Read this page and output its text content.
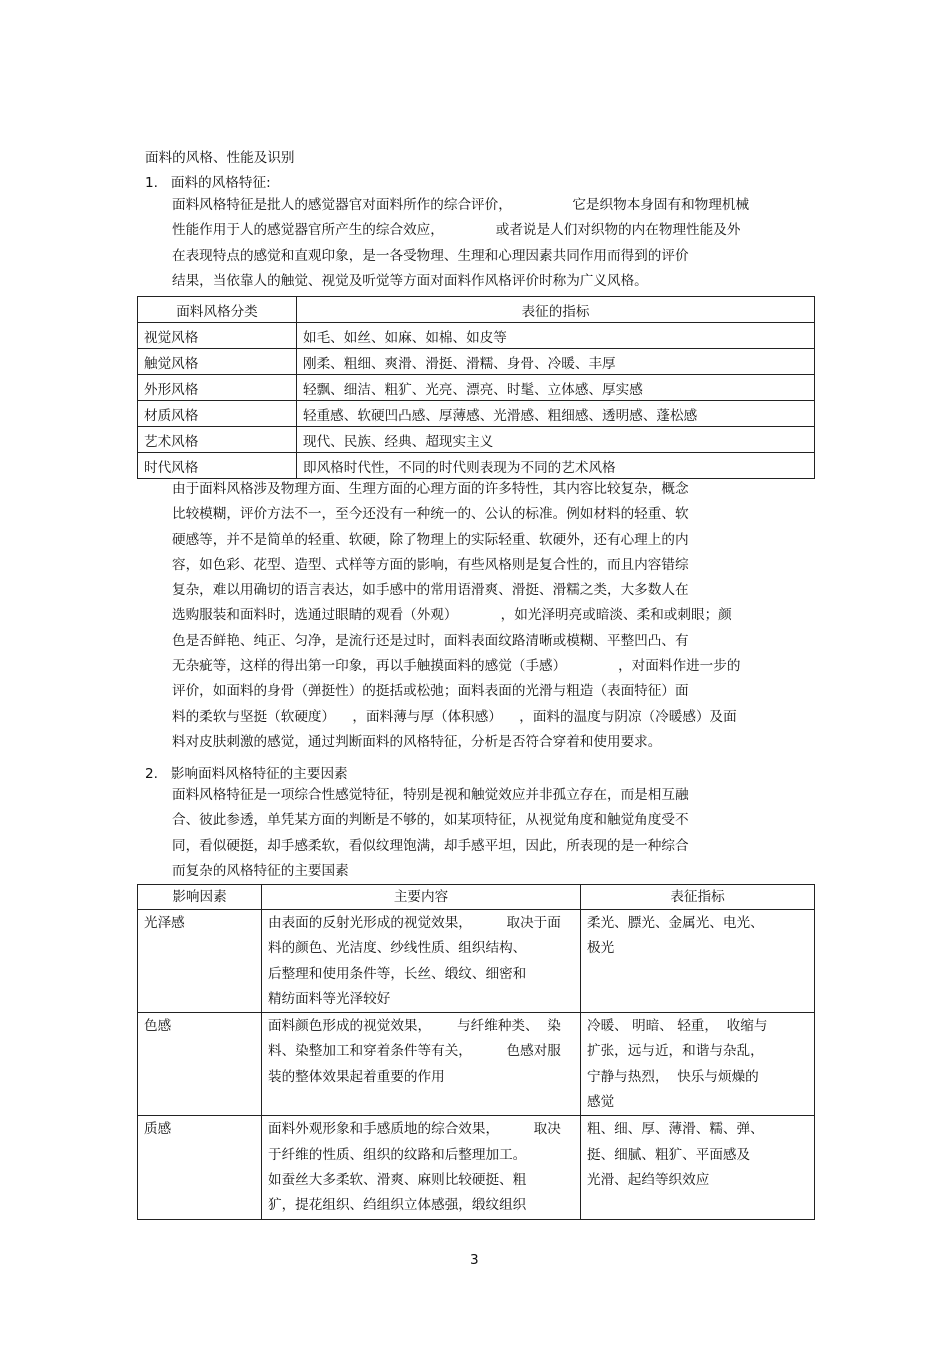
面料的风格、性能及识别
1.   面料的风格特征:
面料风格特征是批人的感觉器官对面料所作的综合评价，              它是织物本身固有和物理机械
性能作用于人的感觉器官所产生的综合效应，            或者说是人们对织物的内在物理性能及外
在表现特点的感觉和直观印象，是一各受物理、生理和心理因素共同作用而得到的评价
结果，当依靠人的触觉、视觉及听觉等方面对面料作风格评价时称为广义风格。
面料风格分类	表征的指标
视觉风格	如毛、如丝、如麻、如棉、如皮等
触觉风格	刚柔、粗细、爽滑、滑挺、滑糯、身骨、冷暖、丰厚
外形风格	轻飘、细洁、粗犷、光亮、漂亮、时髦、立体感、厚实感
材质风格	轻重感、软硬凹凸感、厚薄感、光滑感、粗细感、透明感、蓬松感
艺术风格	现代、民族、经典、超现实主义
时代风格	即风格时代性，不同的时代则表现为不同的艺术风格
由于面料风格涉及物理方面、生理方面的心理方面的许多特性，其内容比较复杂，概念
比较模糊，评价方法不一，至今还没有一种统一的、公认的标准。例如材料的轻重、软
硬感等，并不是简单的轻重、软硬，除了物理上的实际轻重、软硬外，还有心理上的内
容，如色彩、花型、造型、式样等方面的影响，有些风格则是复合性的，而且内容错综
复杂，难以用确切的语言表达，如手感中的常用语滑爽、滑挺、滑糯之类，大多数人在
选购服装和面料时，选通过眼睛的观看（外观）          ，如光泽明亮或暗淡、柔和或刺眼；颜
色是否鲜艳、纯正、匀净，是流行还是过时，面料表面纹路清晰或模糊、平整凹凸、有
无杂疵等，这样的得出第一印象，再以手触摸面料的感觉（手感）            ，对面料作进一步的
评价，如面料的身骨（弹挺性）的挺括或松弛；面料表面的光滑与粗造（表面特征）面
料的柔软与坚挺（软硬度）    ，面料薄与厚（体积感）    ，面料的温度与阴凉（冷暖感）及面
料对皮肤刺激的感觉，通过判断面料的风格特征，分析是否符合穿着和使用要求。
2.   影响面料风格特征的主要因素
面料风格特征是一项综合性感觉特征，特别是视和触觉效应并非孤立存在，而是相互融
合、彼此参透，单凭某方面的判断是不够的，如某项特征，从视觉角度和触觉角度受不
同，看似硬挺，却手感柔软，看似纹理饱满，却手感平坦，因此，所表现的是一种综合
而复杂的风格特征的主要国素
影响因素	主要内容	表征指标
光泽感	由表面的反射光形成的视觉效果，        取决于面
料的颜色、光洁度、纱线性质、组织结构、
后整理和使用条件等，长丝、缎纹、细密和
精纺面料等光泽较好	柔光、膘光、金属光、电光、
极光

色感	面料颜色形成的视觉效果，      与纤维种类、  染
料、染整加工和穿着条件等有关，        色感对服
装的整体效果起着重要的作用	冷暖、 明暗、 轻重，  收缩与
扩张，远与近，和谐与杂乱，
宁静与热烈，  快乐与烦燥的
感觉

质感	面料外观形象和手感质地的综合效果，        取决
于纤维的性质、组织的纹路和后整理加工。
如蚕丝大多柔软、滑爽、麻则比较硬挺、粗
犷，提花组织、绉组织立体感强，缎纹组织	粗、细、厚、薄滑、糯、弹、
挺、细腻、粗犷、平面感及
光滑、起绉等织效应
3
